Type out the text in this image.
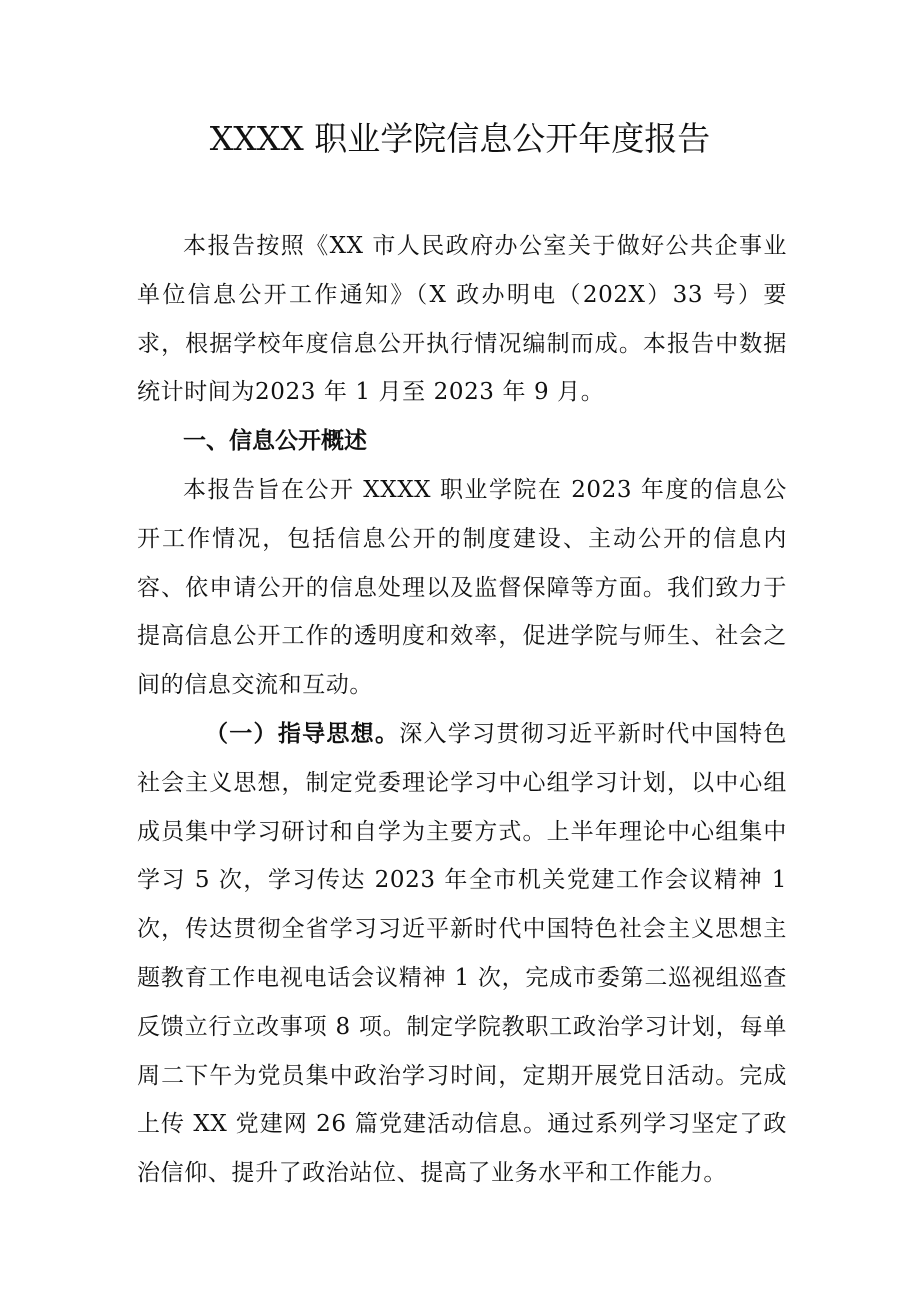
XXXX 职业学院信息公开年度报告

本报告按照《XX 市人民政府办公室关于做好公共企事业单位信息公开工作通知》（X 政办明电（202X）33 号）要求，根据学校年度信息公开执行情况编制而成。本报告中数据统计时间为2023 年 1 月至 2023 年 9 月。

一、信息公开概述

本报告旨在公开 XXXX 职业学院在 2023 年度的信息公开工作情况，包括信息公开的制度建设、主动公开的信息内容、依申请公开的信息处理以及监督保障等方面。我们致力于提高信息公开工作的透明度和效率，促进学院与师生、社会之间的信息交流和互动。

（一）指导思想。深入学习贯彻习近平新时代中国特色社会主义思想，制定党委理论学习中心组学习计划，以中心组成员集中学习研讨和自学为主要方式。上半年理论中心组集中学习 5 次，学习传达 2023 年全市机关党建工作会议精神 1 次，传达贯彻全省学习习近平新时代中国特色社会主义思想主题教育工作电视电话会议精神 1 次，完成市委第二巡视组巡查反馈立行立改事项 8 项。制定学院教职工政治学习计划，每单周二下午为党员集中政治学习时间，定期开展党日活动。完成上传 XX 党建网 26 篇党建活动信息。通过系列学习坚定了政治信仰、提升了政治站位、提高了业务水平和工作能力。
